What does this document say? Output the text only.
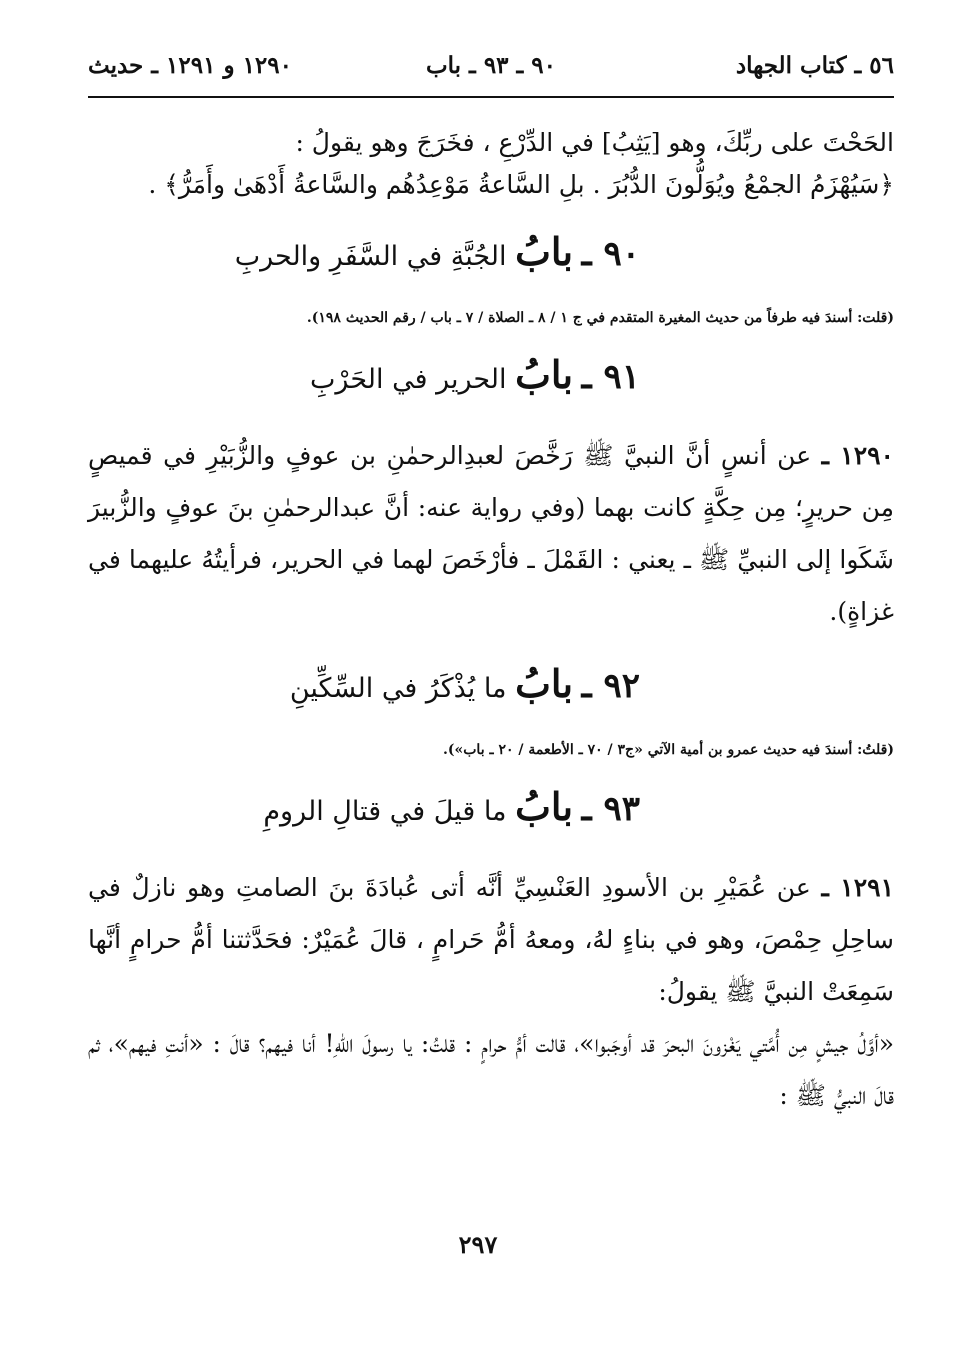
٥٦ ـ كتاب الجهاد
٩٠ ـ ٩٣ ـ باب
١٢٩٠ و ١٢٩١ ـ حديث

الحَحْتَ على ربِّكَ، وهو [يَثِبُ] في الدِّرْعِ ، فخَرَجَ وهو يقولُ :

﴿سَيُهْزَمُ الجمْعُ ويُوَلُّونَ الدُّبُرَ . بلِ السَّاعةُ مَوْعِدُهُم والسَّاعةُ أَدْهَىٰ وأَمَرُّ﴾ .

٩٠ ـ بابُ الجُبَّةِ في السَّفَرِ والحربِ

(قلت: أسندَ فيه طرفاً من حديث المغيرة المتقدم في ج ١ / ٨ ـ الصلاة / ٧ ـ باب / رقم الحديث ١٩٨).

٩١ ـ بابُ الحرير في الحَرْبِ

١٢٩٠ ـ عن أنسٍ أنَّ النبيَّ ﷺ رَخَّصَ لعبدِالرحمٰنِ بن عوفٍ والزُّبَيْرِ في قميصٍ مِن حريرٍ؛ مِن حِكَّةٍ كانت بهما (وفي رواية عنه: أنَّ عبدالرحمٰنِ بنَ عوفٍ والزُّبيرَ شَكَوا إلى النبيِّ ﷺ ـ يعني : القَمْلَ ـ فأرْخَصَ لهما في الحرير، فرأيتُهُ عليهما في غزاةٍ).

٩٢ ـ بابُ ما يُذْكَرُ في السِّكِّينِ

(قلتُ: أسندَ فيه حديث عمرو بن أمية الآتي «ج٣ / ٧٠ ـ الأطعمة / ٢٠ ـ باب»).

٩٣ ـ بابُ ما قيلَ في قتالِ الرومِ

١٢٩١ ـ عن عُمَيْرِ بن الأسودِ العَنْسِيِّ أنَّه أتى عُبادَةَ بنَ الصامتِ وهو نازلٌ في ساحِلِ حِمْصَ، وهو في بناءٍ لهُ، ومعهُ أمُّ حَرامٍ ، قالَ عُمَيْرٌ: فحَدَّثتنا أمُّ حرامٍ أنَّها سَمِعَتْ النبيَّ ﷺ يقولُ:

«أوَّلُ جيشٍ مِن أُمَّتي يَغْزونَ البحرَ قد أوجَبوا»، قالت أمُّ حرامٍ : قلتُ: يا رسولَ اللهِ! أنا فيهم؟ قالَ : «أنتِ فيهم»، ثم قالَ النبيُّ ﷺ :

٢٩٧
